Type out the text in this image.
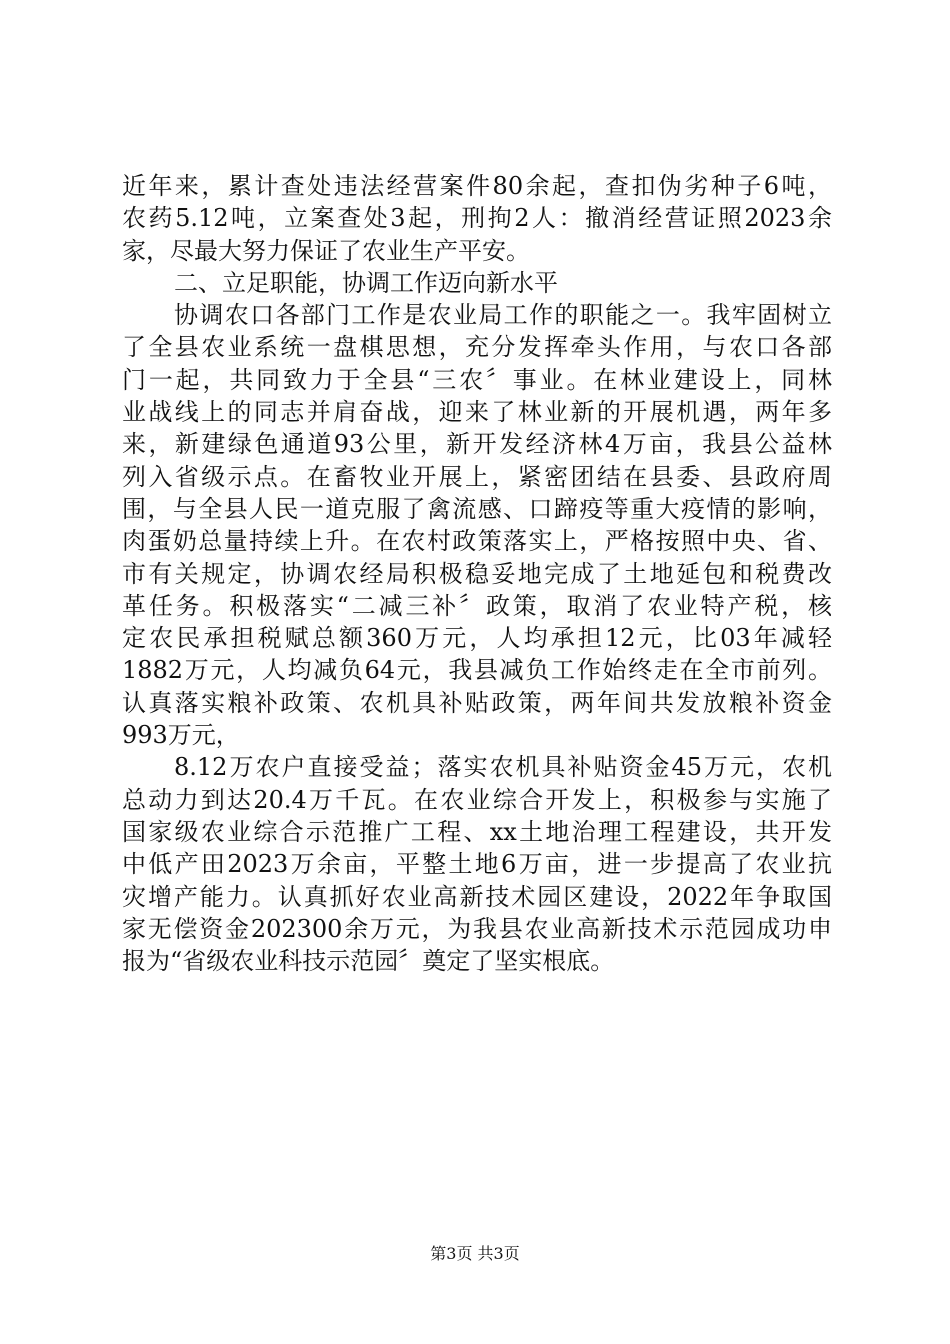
近年来，累计查处违法经营案件80余起，查扣伪劣种子6吨，
农药5.12吨，立案查处3起，刑拘2人：撤消经营证照2023余
家，尽最大努力保证了农业生产平安。
二、立足职能，协调工作迈向新水平
协调农口各部门工作是农业局工作的职能之一。我牢固树立
了全县农业系统一盘棋思想，充分发挥牵头作用，与农口各部
门一起，共同致力于全县“三农〞事业。在林业建设上，同林
业战线上的同志并肩奋战，迎来了林业新的开展机遇，两年多
来，新建绿色通道93公里，新开发经济林4万亩，我县公益林
列入省级示点。在畜牧业开展上，紧密团结在县委、县政府周
围，与全县人民一道克服了禽流感、口蹄疫等重大疫情的影响，
肉蛋奶总量持续上升。在农村政策落实上，严格按照中央、省、
市有关规定，协调农经局积极稳妥地完成了土地延包和税费改
革任务。积极落实“二减三补〞政策，取消了农业特产税，核
定农民承担税赋总额360万元，人均承担12元，比03年减轻
1882万元，人均减负64元，我县减负工作始终走在全市前列。
认真落实粮补政策、农机具补贴政策，两年间共发放粮补资金
993万元，
8.12万农户直接受益；落实农机具补贴资金45万元，农机
总动力到达20.4万千瓦。在农业综合开发上，积极参与实施了
国家级农业综合示范推广工程、xx土地治理工程建设，共开发
中低产田2023万余亩，平整土地6万亩，进一步提高了农业抗
灾增产能力。认真抓好农业高新技术园区建设，2022年争取国
家无偿资金202300余万元，为我县农业高新技术示范园成功申
报为“省级农业科技示范园〞奠定了坚实根底。
第3页 共3页
